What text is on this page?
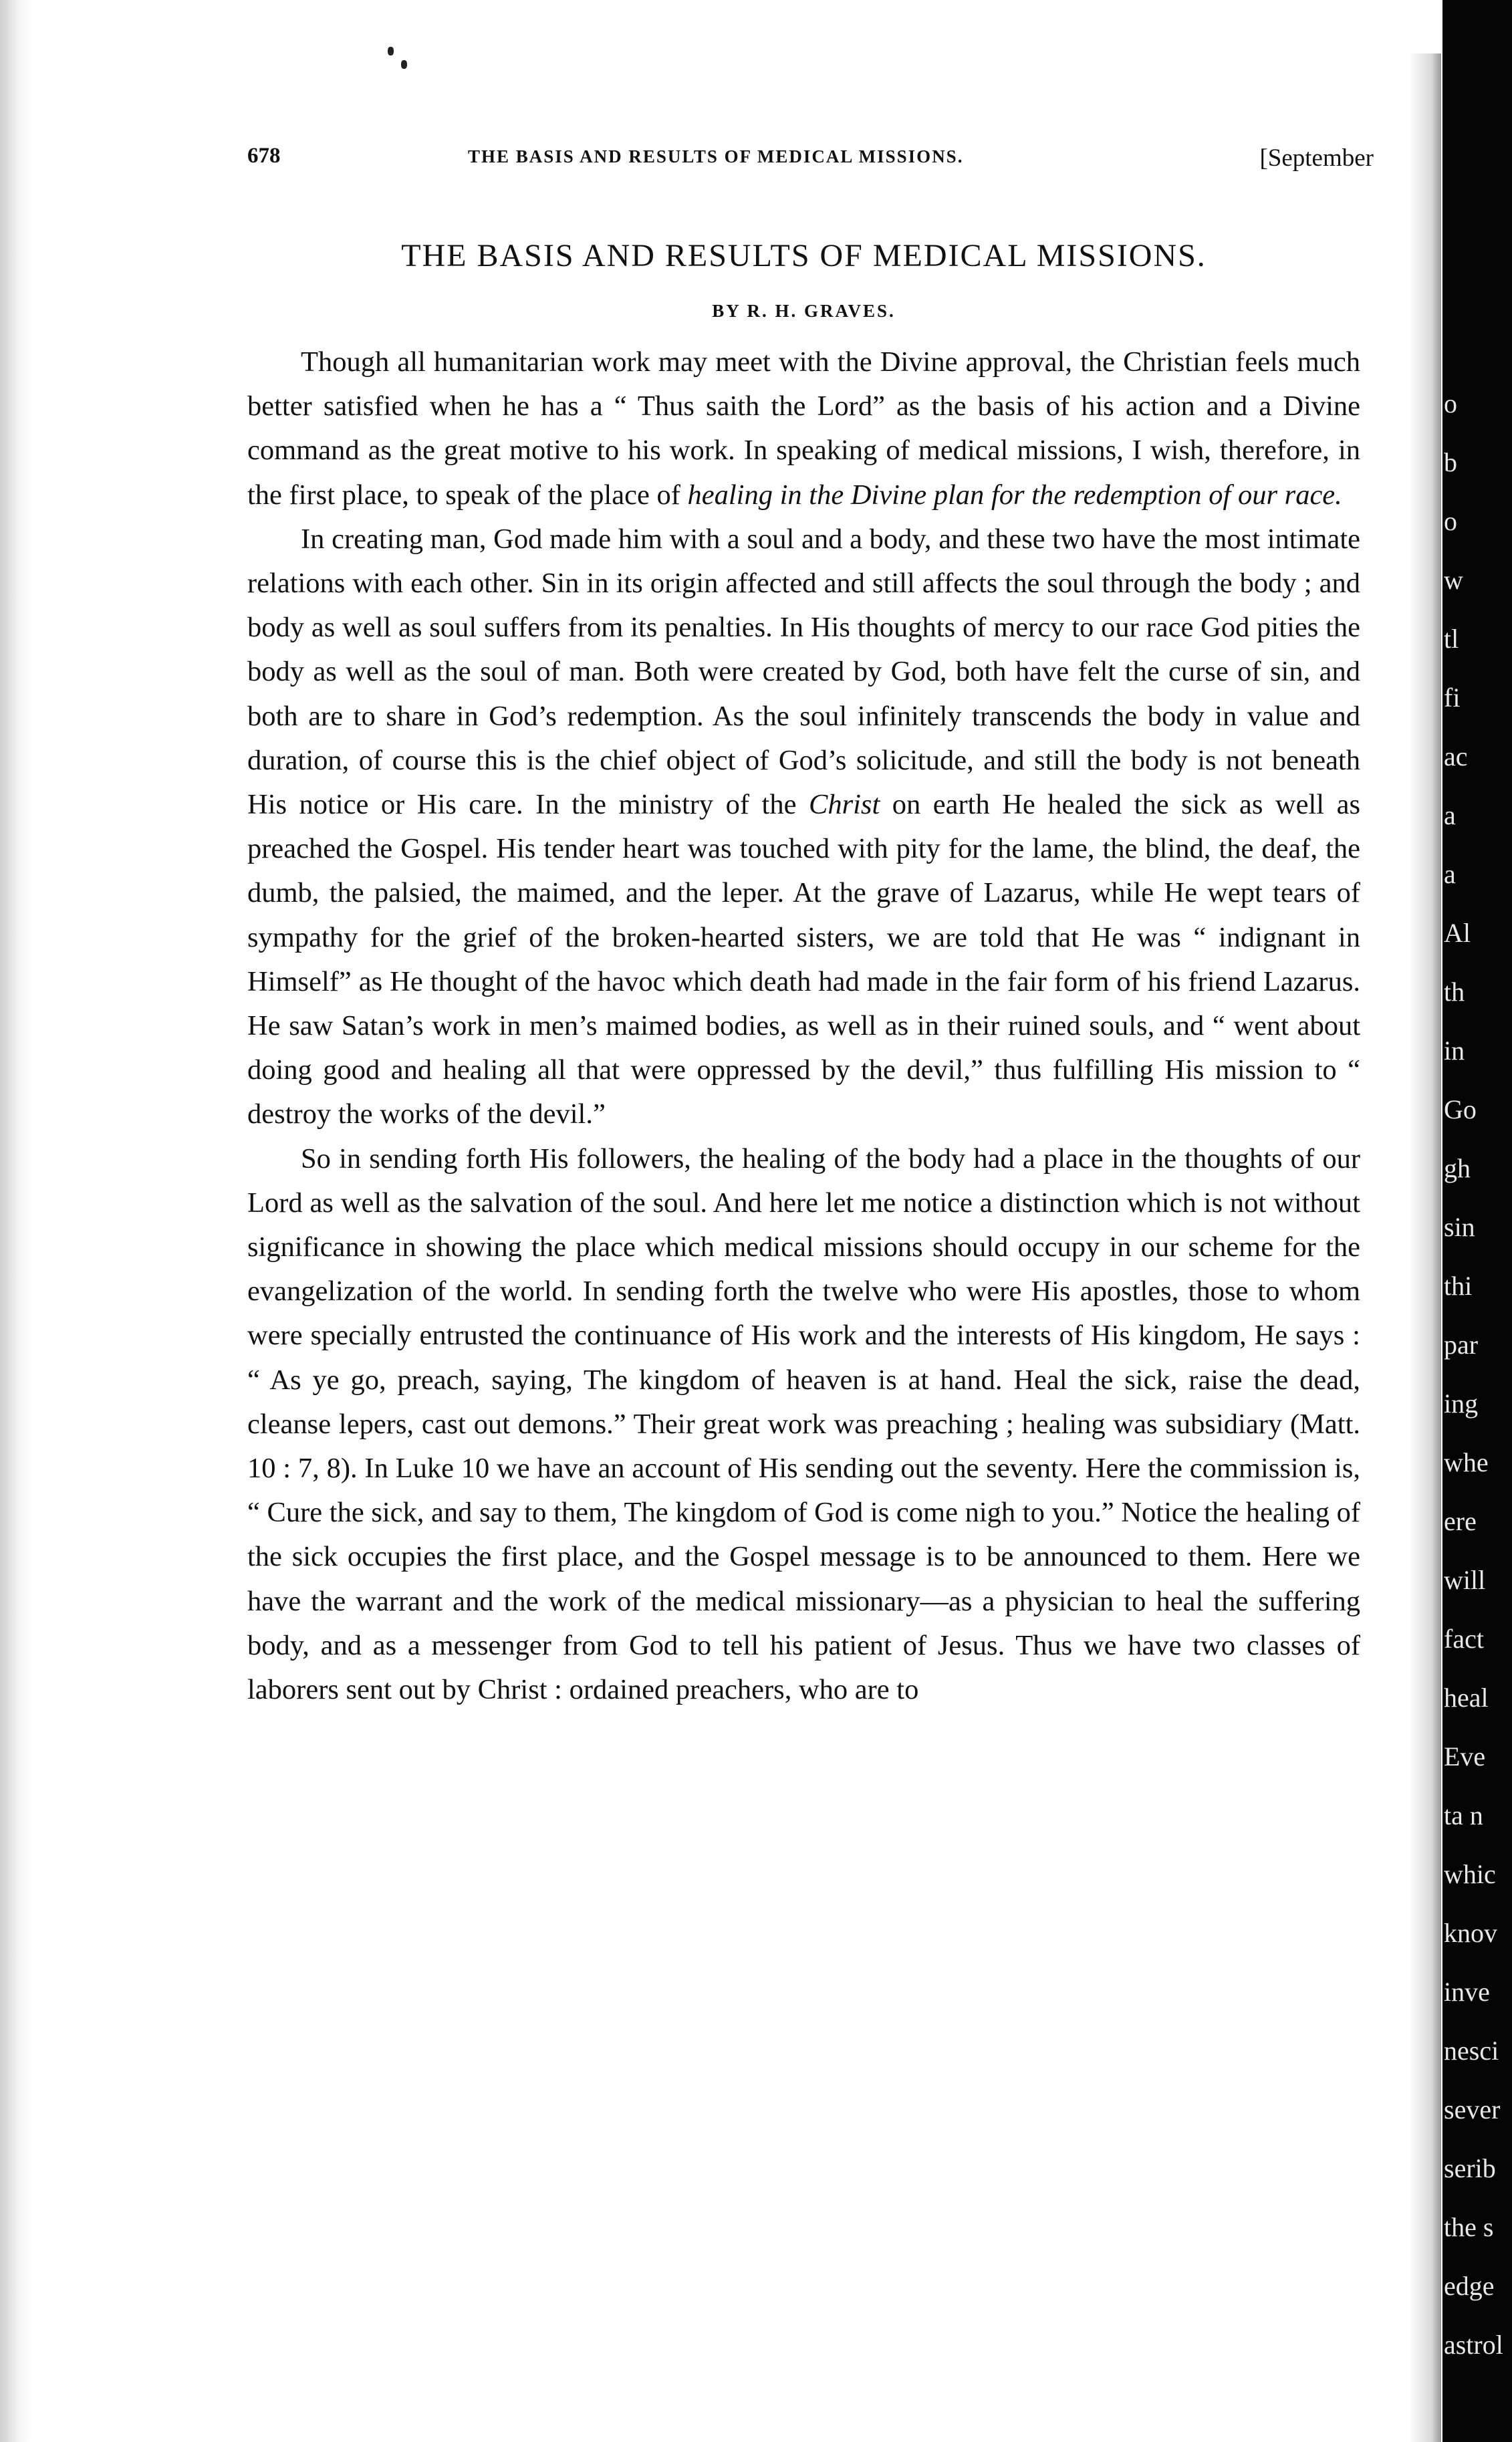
678	THE BASIS AND RESULTS OF MEDICAL MISSIONS.	[September
THE BASIS AND RESULTS OF MEDICAL MISSIONS.
BY R. H. GRAVES.

Though all humanitarian work may meet with the Divine approval, the Christian feels much better satisfied when he has a “ Thus saith the Lord” as the basis of his action and a Divine command as the great motive to his work. In speaking of medical missions, I wish, therefore, in the first place, to speak of the place of healing in the Divine plan for the redemption of our race.

In creating man, God made him with a soul and a body, and these two have the most intimate relations with each other. Sin in its origin affected and still affects the soul through the body ; and body as well as soul suffers from its penalties. In His thoughts of mercy to our race God pities the body as well as the soul of man. Both were created by God, both have felt the curse of sin, and both are to share in God’s redemption. As the soul infinitely transcends the body in value and duration, of course this is the chief object of God’s solicitude, and still the body is not beneath His notice or His care. In the ministry of the Christ on earth He healed the sick as well as preached the Gospel. His tender heart was touched with pity for the lame, the blind, the deaf, the dumb, the palsied, the maimed, and the leper. At the grave of Lazarus, while He wept tears of sympathy for the grief of the broken-hearted sisters, we are told that He was “ indignant in Himself” as He thought of the havoc which death had made in the fair form of his friend Lazarus. He saw Satan’s work in men’s maimed bodies, as well as in their ruined souls, and “ went about doing good and healing all that were oppressed by the devil,” thus fulfilling His mission to “ destroy the works of the devil.”

So in sending forth His followers, the healing of the body had a place in the thoughts of our Lord as well as the salvation of the soul. And here let me notice a distinction which is not without significance in showing the place which medical missions should occupy in our scheme for the evangelization of the world. In sending forth the twelve who were His apostles, those to whom were specially entrusted the continuance of His work and the interests of His kingdom, He says : “ As ye go, preach, saying, The kingdom of heaven is at hand. Heal the sick, raise the dead, cleanse lepers, cast out demons.” Their great work was preaching ; healing was subsidiary (Matt. 10 : 7, 8). In Luke 10 we have an account of His sending out the seventy. Here the commission is, “ Cure the sick, and say to them, The kingdom of God is come nigh to you.” Notice the healing of the sick occupies the first place, and the Gospel message is to be announced to them. Here we have the warrant and the work of the medical missionary—as a physician to heal the suffering body, and as a messenger from God to tell his patient of Jesus. Thus we have two classes of laborers sent out by Christ : ordained preachers, who are to

o
b
o
w
tl
fi
ac
a
a
Al
th
in
Go
gh
sin
thi
par
ing
whe
ere
will
fact
heal
Eve
ta n
whic
knov
inve
nesci
sever
serib
the s
edge
astrol
